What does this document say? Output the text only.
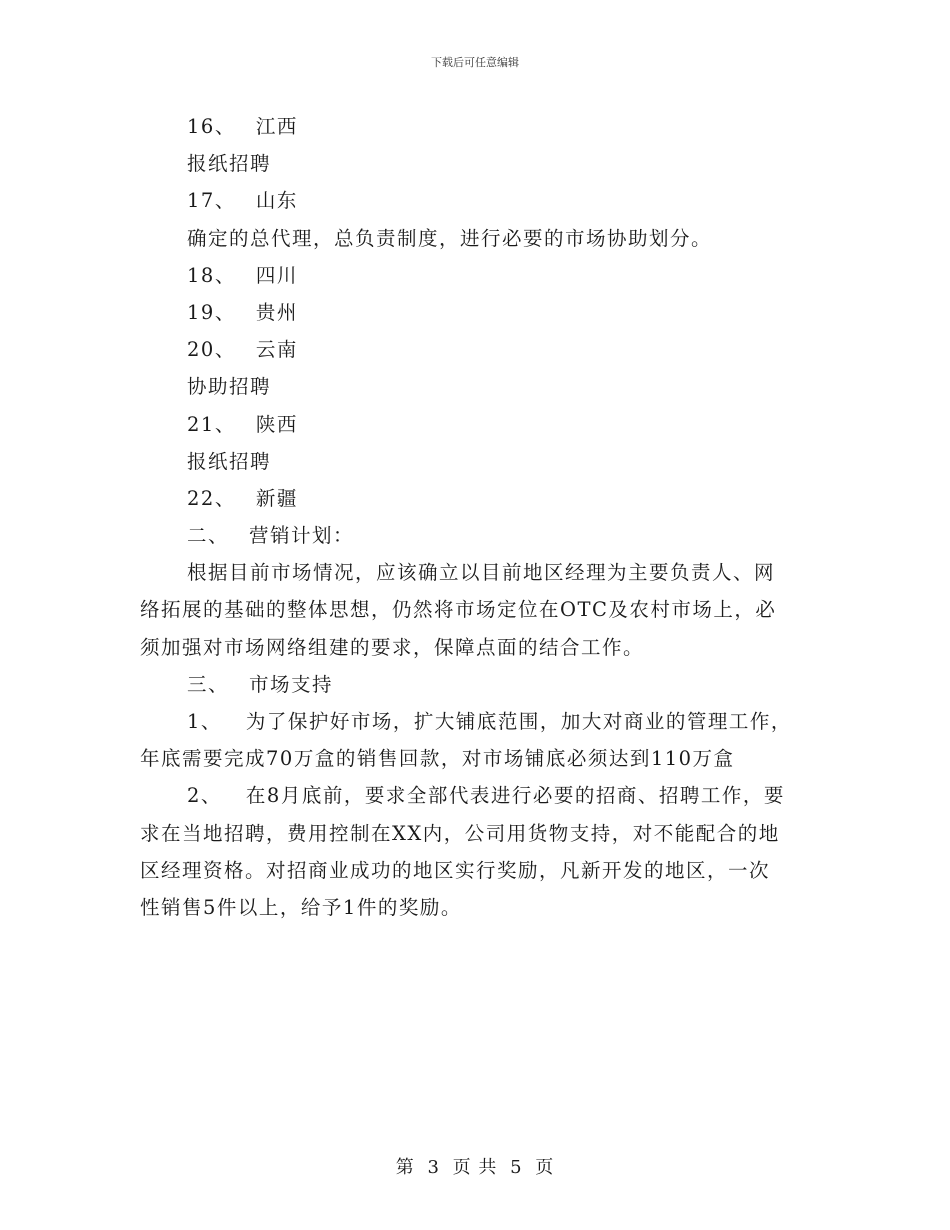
下载后可任意编辑
16、 江西
报纸招聘
17、 山东
确定的总代理，总负责制度，进行必要的市场协助划分。
18、 四川
19、 贵州
20、 云南
协助招聘
21、 陕西
报纸招聘
22、 新疆
二、 营销计划：
根据目前市场情况，应该确立以目前地区经理为主要负责人、网
络拓展的基础的整体思想，仍然将市场定位在OTC及农村市场上，必
须加强对市场网络组建的要求，保障点面的结合工作。
三、 市场支持
1、 为了保护好市场，扩大铺底范围，加大对商业的管理工作，
年底需要完成70万盒的销售回款，对市场铺底必须达到110万盒
2、 在8月底前，要求全部代表进行必要的招商、招聘工作，要
求在当地招聘，费用控制在XX内，公司用货物支持，对不能配合的地
区经理资格。对招商业成功的地区实行奖励，凡新开发的地区，一次
性销售5件以上，给予1件的奖励。
第 3 页 共 5 页
